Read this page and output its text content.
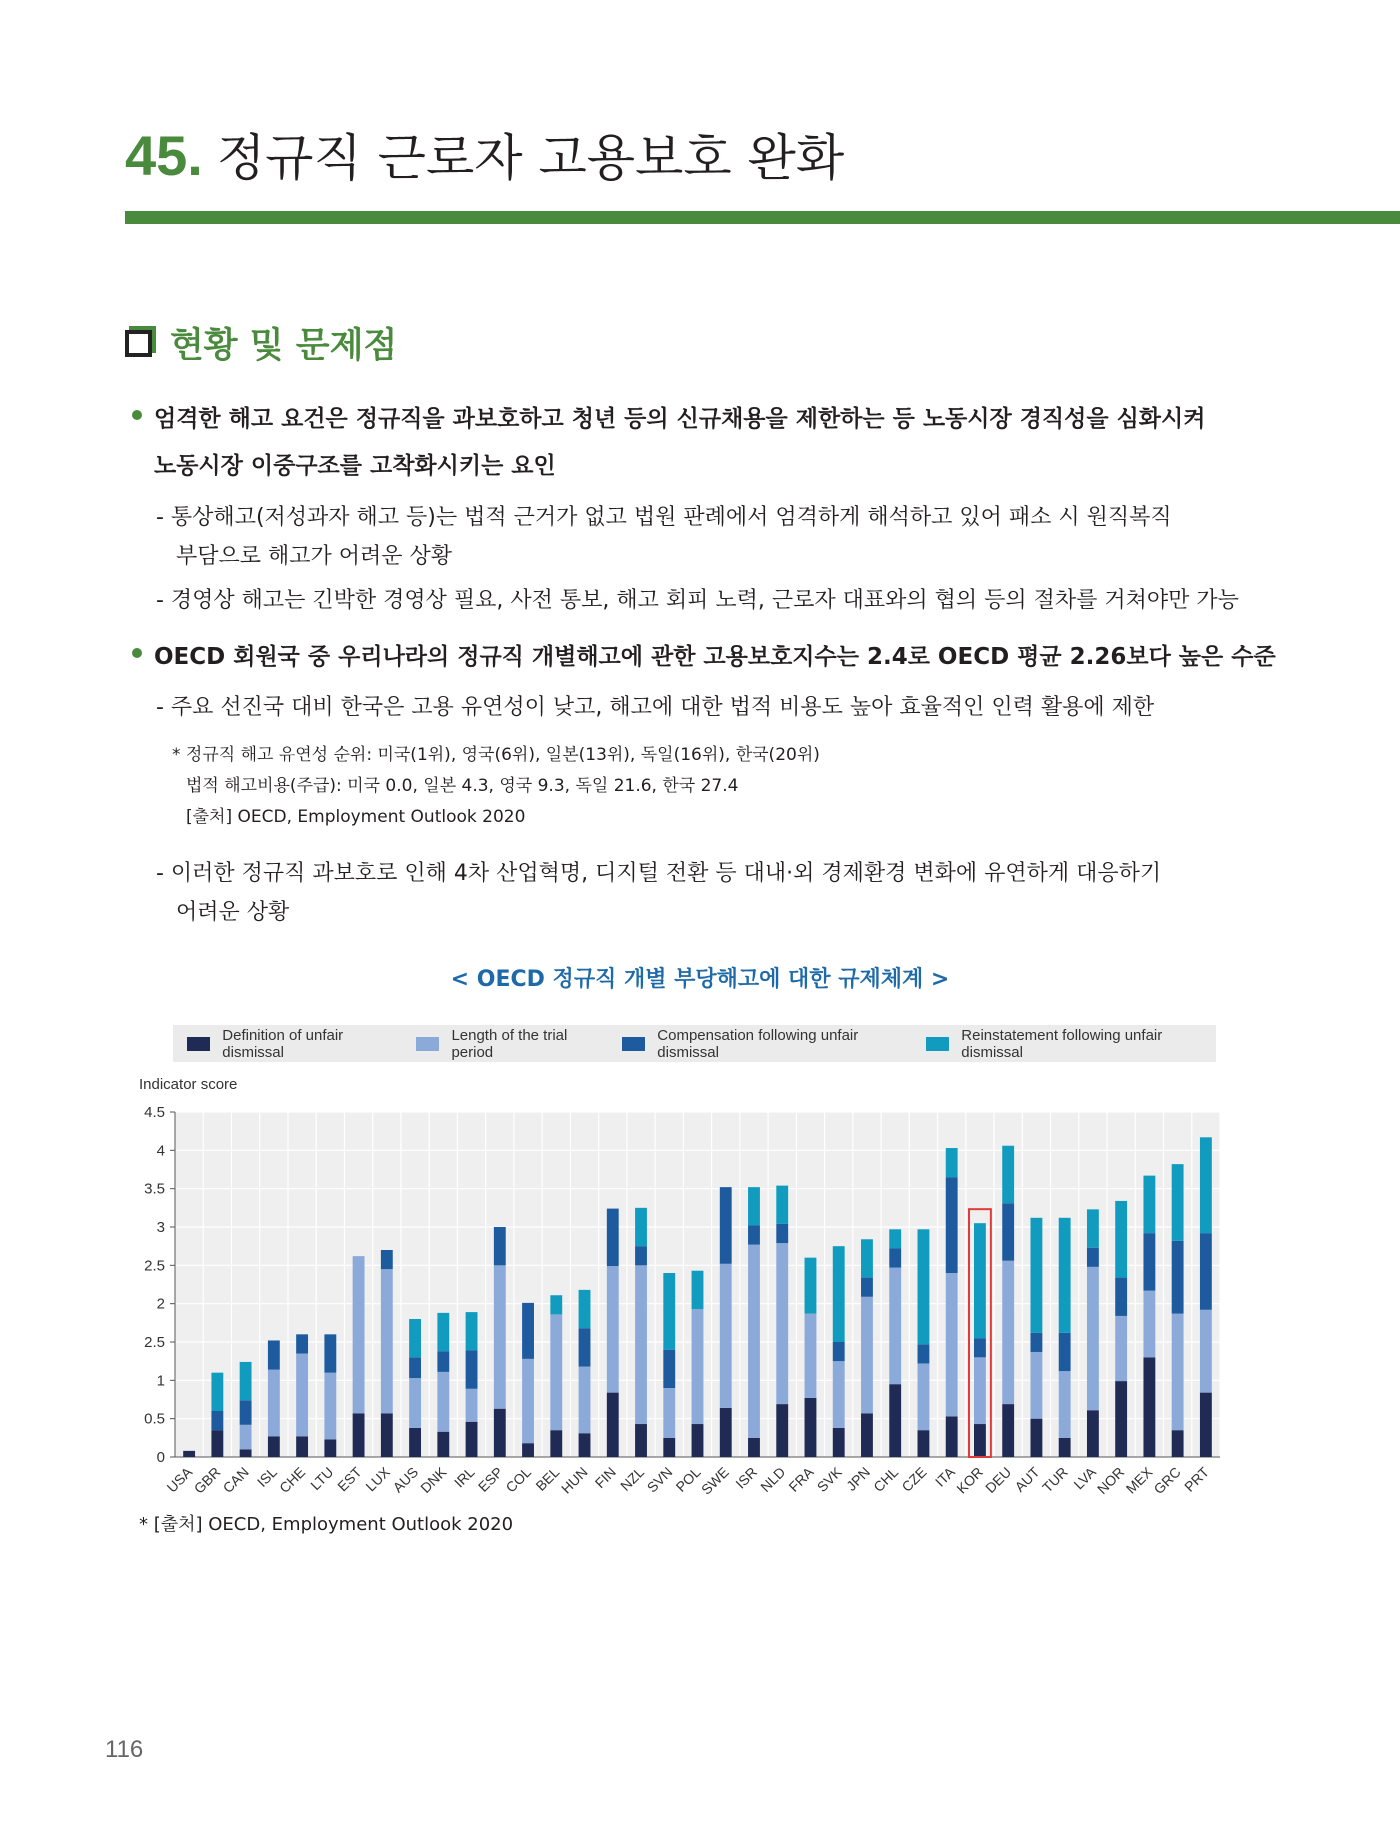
45. 정규직 근로자 고용보호 완화
현황 및 문제점
엄격한 해고 요건은 정규직을 과보호하고 청년 등의 신규채용을 제한하는 등 노동시장 경직성을 심화시켜
노동시장 이중구조를 고착화시키는 요인
- 통상해고(저성과자 해고 등)는 법적 근거가 없고 법원 판례에서 엄격하게 해석하고 있어 패소 시 원직복직
부담으로 해고가 어려운 상황
- 경영상 해고는 긴박한 경영상 필요, 사전 통보, 해고 회피 노력, 근로자 대표와의 협의 등의 절차를 거쳐야만 가능
OECD 회원국 중 우리나라의 정규직 개별해고에 관한 고용보호지수는 2.4로 OECD 평균 2.26보다 높은 수준
- 주요 선진국 대비 한국은 고용 유연성이 낮고, 해고에 대한 법적 비용도 높아 효율적인 인력 활용에 제한
* 정규직 해고 유연성 순위: 미국(1위), 영국(6위), 일본(13위), 독일(16위), 한국(20위)
법적 해고비용(주급): 미국 0.0, 일본 4.3, 영국 9.3, 독일 21.6, 한국 27.4
[출처] OECD, Employment Outlook 2020
- 이러한 정규직 과보호로 인해 4차 산업혁명, 디지털 전환 등 대내·외 경제환경 변화에 유연하게 대응하기
어려운 상황
< OECD 정규직 개별 부당해고에 대한 규제체계 >
Definition of unfair dismissal
Length of the trial period
Compensation following unfair dismissal
Reinstatement following unfair dismissal
Indicator score
0
0.5
1
2.5
2
2.5
3
3.5
4
4.5
USA
GBR
CAN ISL
CHE
LTU
EST
LUX
AUS
DNK IRL
ESP
COL
BEL
HUN FIN
NZL
SVN
POL
SWE ISR
NLD
FRA
SVK
JPN
CHL
CZE ITA
KOR
DEU
AUT
TUR LVA
NOR
MEX
GRC
PRT
* [출처] OECD, Employment Outlook 2020
116
